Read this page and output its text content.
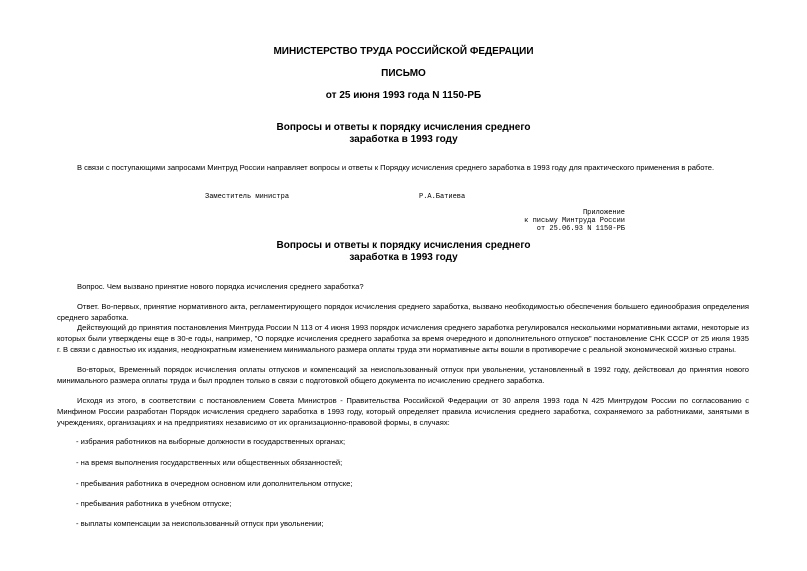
МИНИСТЕРСТВО ТРУДА РОССИЙСКОЙ ФЕДЕРАЦИИ
ПИСЬМО
от 25 июня 1993 года N 1150-РБ
Вопросы и ответы к порядку исчисления среднего
заработка в 1993 году
В связи с поступающими запросами Минтруд России направляет вопросы и ответы к Порядку исчисления среднего заработка в 1993 году для практического применения в работе.
Заместитель министра	Р.А.Батиева
Приложение
к письму Минтруда России
от 25.06.93 N 1150-РБ
Вопросы и ответы к порядку исчисления среднего
заработка в 1993 году
Вопрос. Чем вызвано принятие нового порядка исчисления среднего заработка?
Ответ. Во-первых, принятие нормативного акта, регламентирующего порядок исчисления среднего заработка, вызвано необходимостью обеспечения большего единообразия определения среднего заработка.
Действующий до принятия постановления Минтруда России N 113 от 4 июня 1993 порядок исчисления среднего заработка регулировался несколькими нормативными актами, некоторые из которых были утверждены еще в 30-е годы, например, "О порядке исчисления среднего заработка за время очередного и дополнительного отпусков" постановление СНК СССР от 25 июля 1935 г. В связи с давностью их издания, неоднократным изменением минимального размера оплаты труда эти нормативные акты вошли в противоречие с реальной экономической жизнью страны.
Во-вторых, Временный порядок исчисления оплаты отпусков и компенсаций за неиспользованный отпуск при увольнении, установленный в 1992 году, действовал до принятия нового минимального размера оплаты труда и был продлен только в связи с подготовкой общего документа по исчислению среднего заработка.
Исходя из этого, в соответствии с постановлением Совета Министров - Правительства Российской Федерации от 30 апреля 1993 года N 425 Минтрудом России по согласованию с Минфином России разработан Порядок исчисления среднего заработка в 1993 году, который определяет правила исчисления среднего заработка, сохраняемого за работниками, занятыми в учреждениях, организациях и на предприятиях независимо от их организационно-правовой формы, в случаях:
- избрания работников на выборные должности в государственных органах;
- на время выполнения государственных или общественных обязанностей;
- пребывания работника в очередном основном или дополнительном отпуске;
- пребывания работника в учебном отпуске;
- выплаты компенсации за неиспользованный отпуск при увольнении;
